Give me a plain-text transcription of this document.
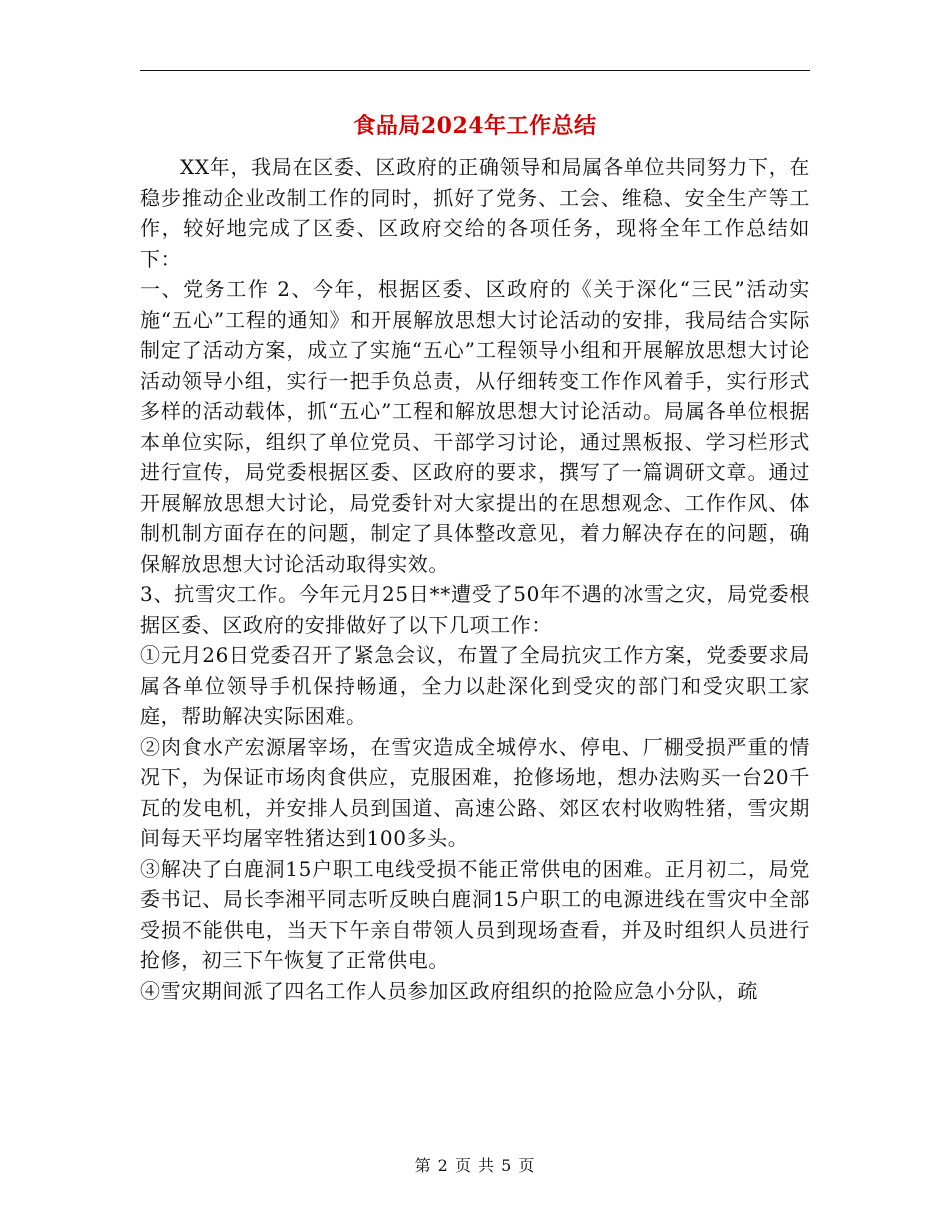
食品局2024年工作总结

XX年，我局在区委、区政府的正确领导和局属各单位共同努力下，在稳步推动企业改制工作的同时，抓好了党务、工会、维稳、安全生产等工作，较好地完成了区委、区政府交给的各项任务，现将全年工作总结如下：

一、党务工作 2、今年，根据区委、区政府的《关于深化“三民”活动实施“五心”工程的通知》和开展解放思想大讨论活动的安排，我局结合实际制定了活动方案，成立了实施“五心”工程领导小组和开展解放思想大讨论活动领导小组，实行一把手负总责，从仔细转变工作作风着手，实行形式多样的活动载体，抓“五心”工程和解放思想大讨论活动。局属各单位根据本单位实际，组织了单位党员、干部学习讨论，通过黑板报、学习栏形式进行宣传，局党委根据区委、区政府的要求，撰写了一篇调研文章。通过开展解放思想大讨论，局党委针对大家提出的在思想观念、工作作风、体制机制方面存在的问题，制定了具体整改意见，着力解决存在的问题，确保解放思想大讨论活动取得实效。

3、抗雪灾工作。今年元月25日**遭受了50年不遇的冰雪之灾，局党委根据区委、区政府的安排做好了以下几项工作：

①元月26日党委召开了紧急会议，布置了全局抗灾工作方案，党委要求局属各单位领导手机保持畅通，全力以赴深化到受灾的部门和受灾职工家庭，帮助解决实际困难。

②肉食水产宏源屠宰场，在雪灾造成全城停水、停电、厂棚受损严重的情况下，为保证市场肉食供应，克服困难，抢修场地，想办法购买一台20千瓦的发电机，并安排人员到国道、高速公路、郊区农村收购牲猪，雪灾期间每天平均屠宰牲猪达到100多头。

③解决了白鹿洞15户职工电线受损不能正常供电的困难。正月初二，局党委书记、局长李湘平同志听反映白鹿洞15户职工的电源进线在雪灾中全部受损不能供电，当天下午亲自带领人员到现场查看，并及时组织人员进行抢修，初三下午恢复了正常供电。

④雪灾期间派了四名工作人员参加区政府组织的抢险应急小分队，疏

第 2 页 共 5 页
